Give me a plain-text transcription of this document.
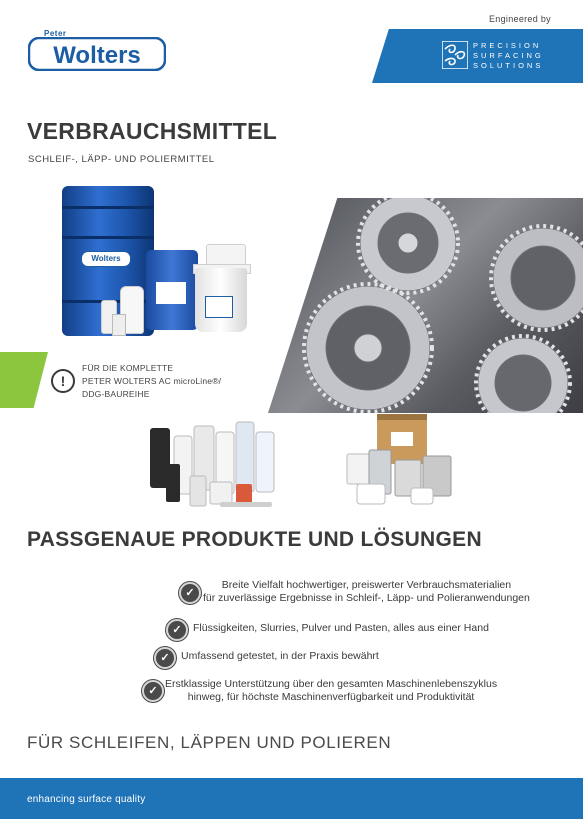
Engineered by
PRECISION
SURFACING
SOLUTIONS
Wolters
Peter
VERBRAUCHSMITTEL
SCHLEIF-, LÄPP- UND POLIERMITTEL
Wolters
!
FÜR DIE KOMPLETTE
PETER WOLTERS AC microLine®/
DDG-BAUREIHE
PASSGENAUE PRODUKTE UND LÖSUNGEN
✓
Breite Vielfalt hochwertiger, preiswerter Verbrauchsmaterialien
für zuverlässige Ergebnisse in Schleif-, Läpp- und Polieranwendungen
✓	Flüssigkeiten, Slurries, Pulver und Pasten, alles aus einer Hand
✓	Umfassend getestet, in der Praxis bewährt
✓
Erstklassige Unterstützung über den gesamten Maschinenlebenszyklus
hinweg, für höchste Maschinenverfügbarkeit und Produktivität
FÜR SCHLEIFEN, LÄPPEN UND POLIEREN
enhancing surface quality
